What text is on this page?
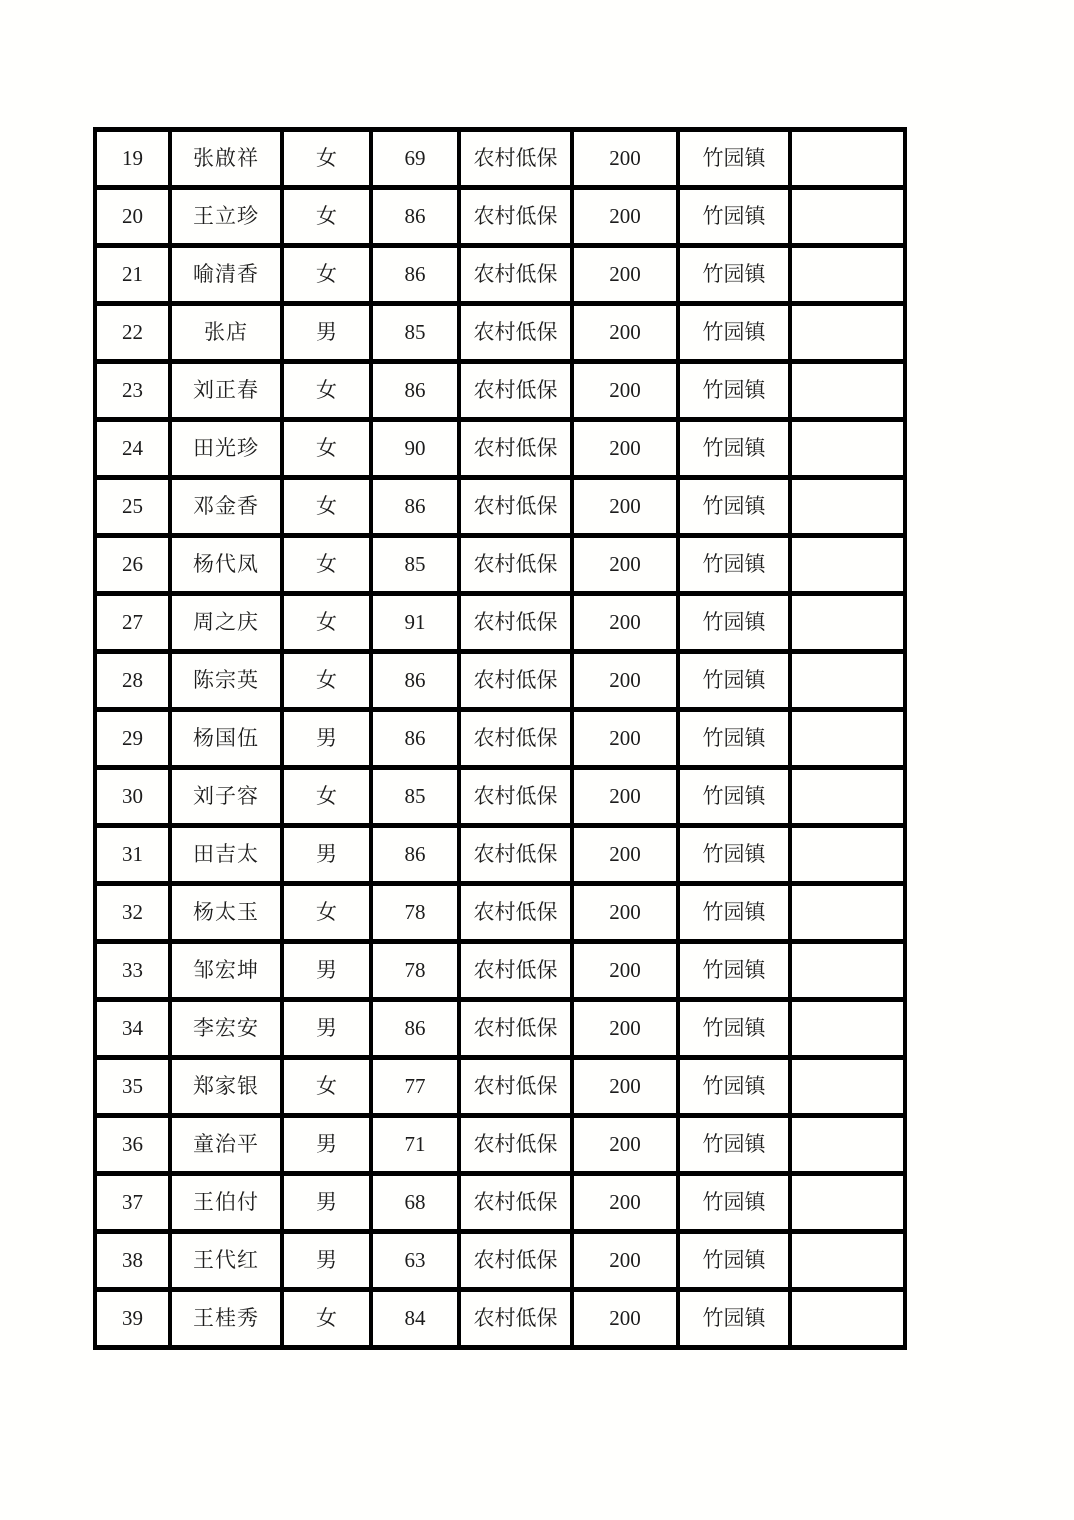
19	张啟祥	女	69	农村低保	200	竹园镇	
20	王立珍	女	86	农村低保	200	竹园镇	
21	喻清香	女	86	农村低保	200	竹园镇	
22	张店	男	85	农村低保	200	竹园镇	
23	刘正春	女	86	农村低保	200	竹园镇	
24	田光珍	女	90	农村低保	200	竹园镇	
25	邓金香	女	86	农村低保	200	竹园镇	
26	杨代凤	女	85	农村低保	200	竹园镇	
27	周之庆	女	91	农村低保	200	竹园镇	
28	陈宗英	女	86	农村低保	200	竹园镇	
29	杨国伍	男	86	农村低保	200	竹园镇	
30	刘子容	女	85	农村低保	200	竹园镇	
31	田吉太	男	86	农村低保	200	竹园镇	
32	杨太玉	女	78	农村低保	200	竹园镇	
33	邹宏坤	男	78	农村低保	200	竹园镇	
34	李宏安	男	86	农村低保	200	竹园镇	
35	郑家银	女	77	农村低保	200	竹园镇	
36	童治平	男	71	农村低保	200	竹园镇	
37	王伯付	男	68	农村低保	200	竹园镇	
38	王代红	男	63	农村低保	200	竹园镇	
39	王桂秀	女	84	农村低保	200	竹园镇	
